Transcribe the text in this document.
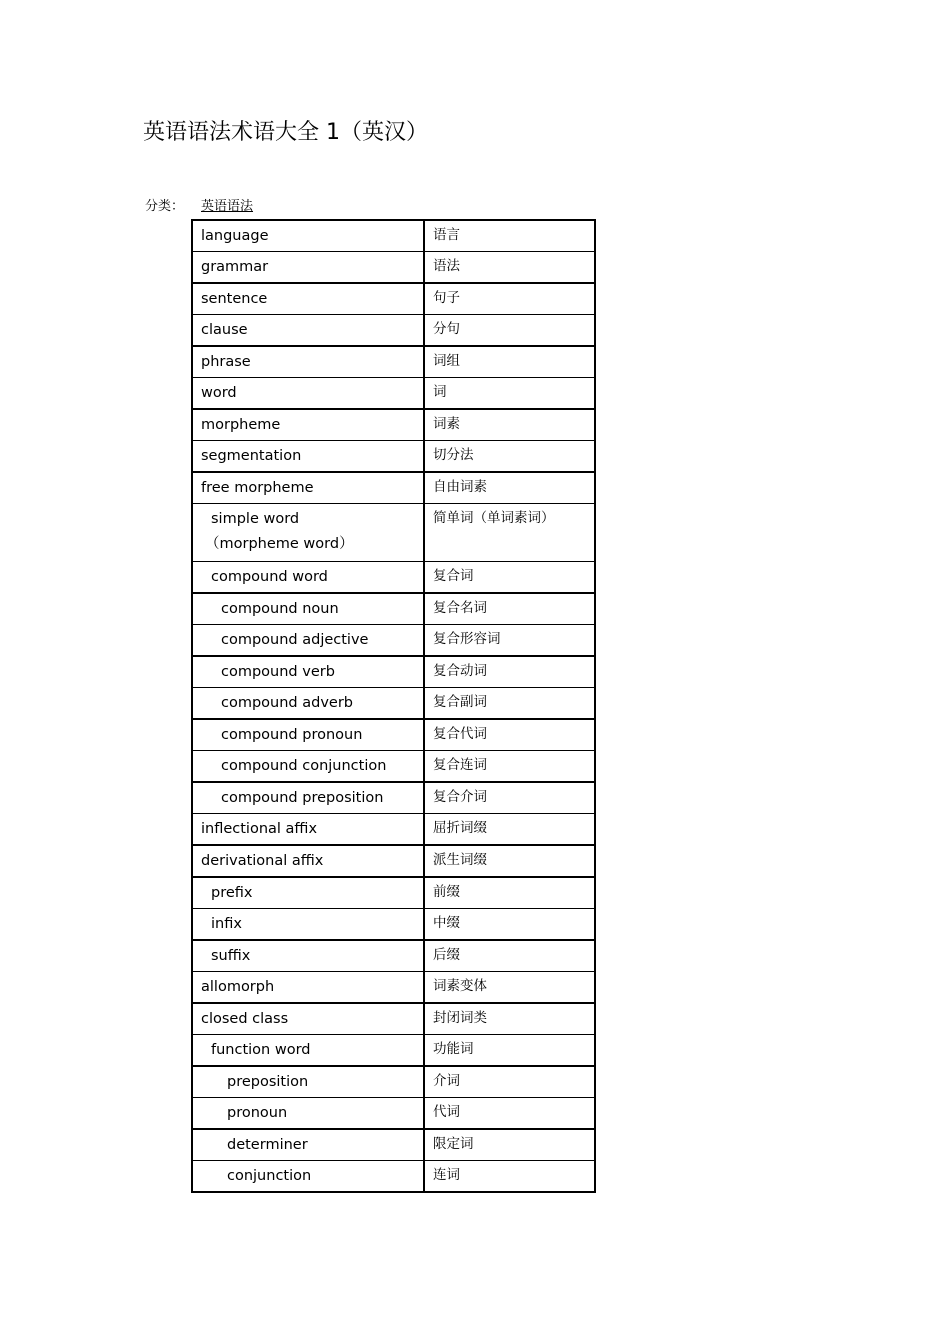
英语语法术语大全 1（英汉）
分类： 英语语法
language	语言
grammar	语法
sentence	句子
clause	分句
phrase	词组
word	词
morpheme	词素
segmentation	切分法
free morpheme	自由词素
simple word
（morpheme word）	简单词（单词素词）
compound word	复合词
compound noun	复合名词
compound adjective	复合形容词
compound verb	复合动词
compound adverb	复合副词
compound pronoun	复合代词
compound conjunction	复合连词
compound preposition	复合介词
inflectional affix	屈折词缀
derivational affix	派生词缀
prefix	前缀
infix	中缀
suffix	后缀
allomorph	词素变体
closed class	封闭词类
function word	功能词
preposition	介词
pronoun	代词
determiner	限定词
conjunction	连词
